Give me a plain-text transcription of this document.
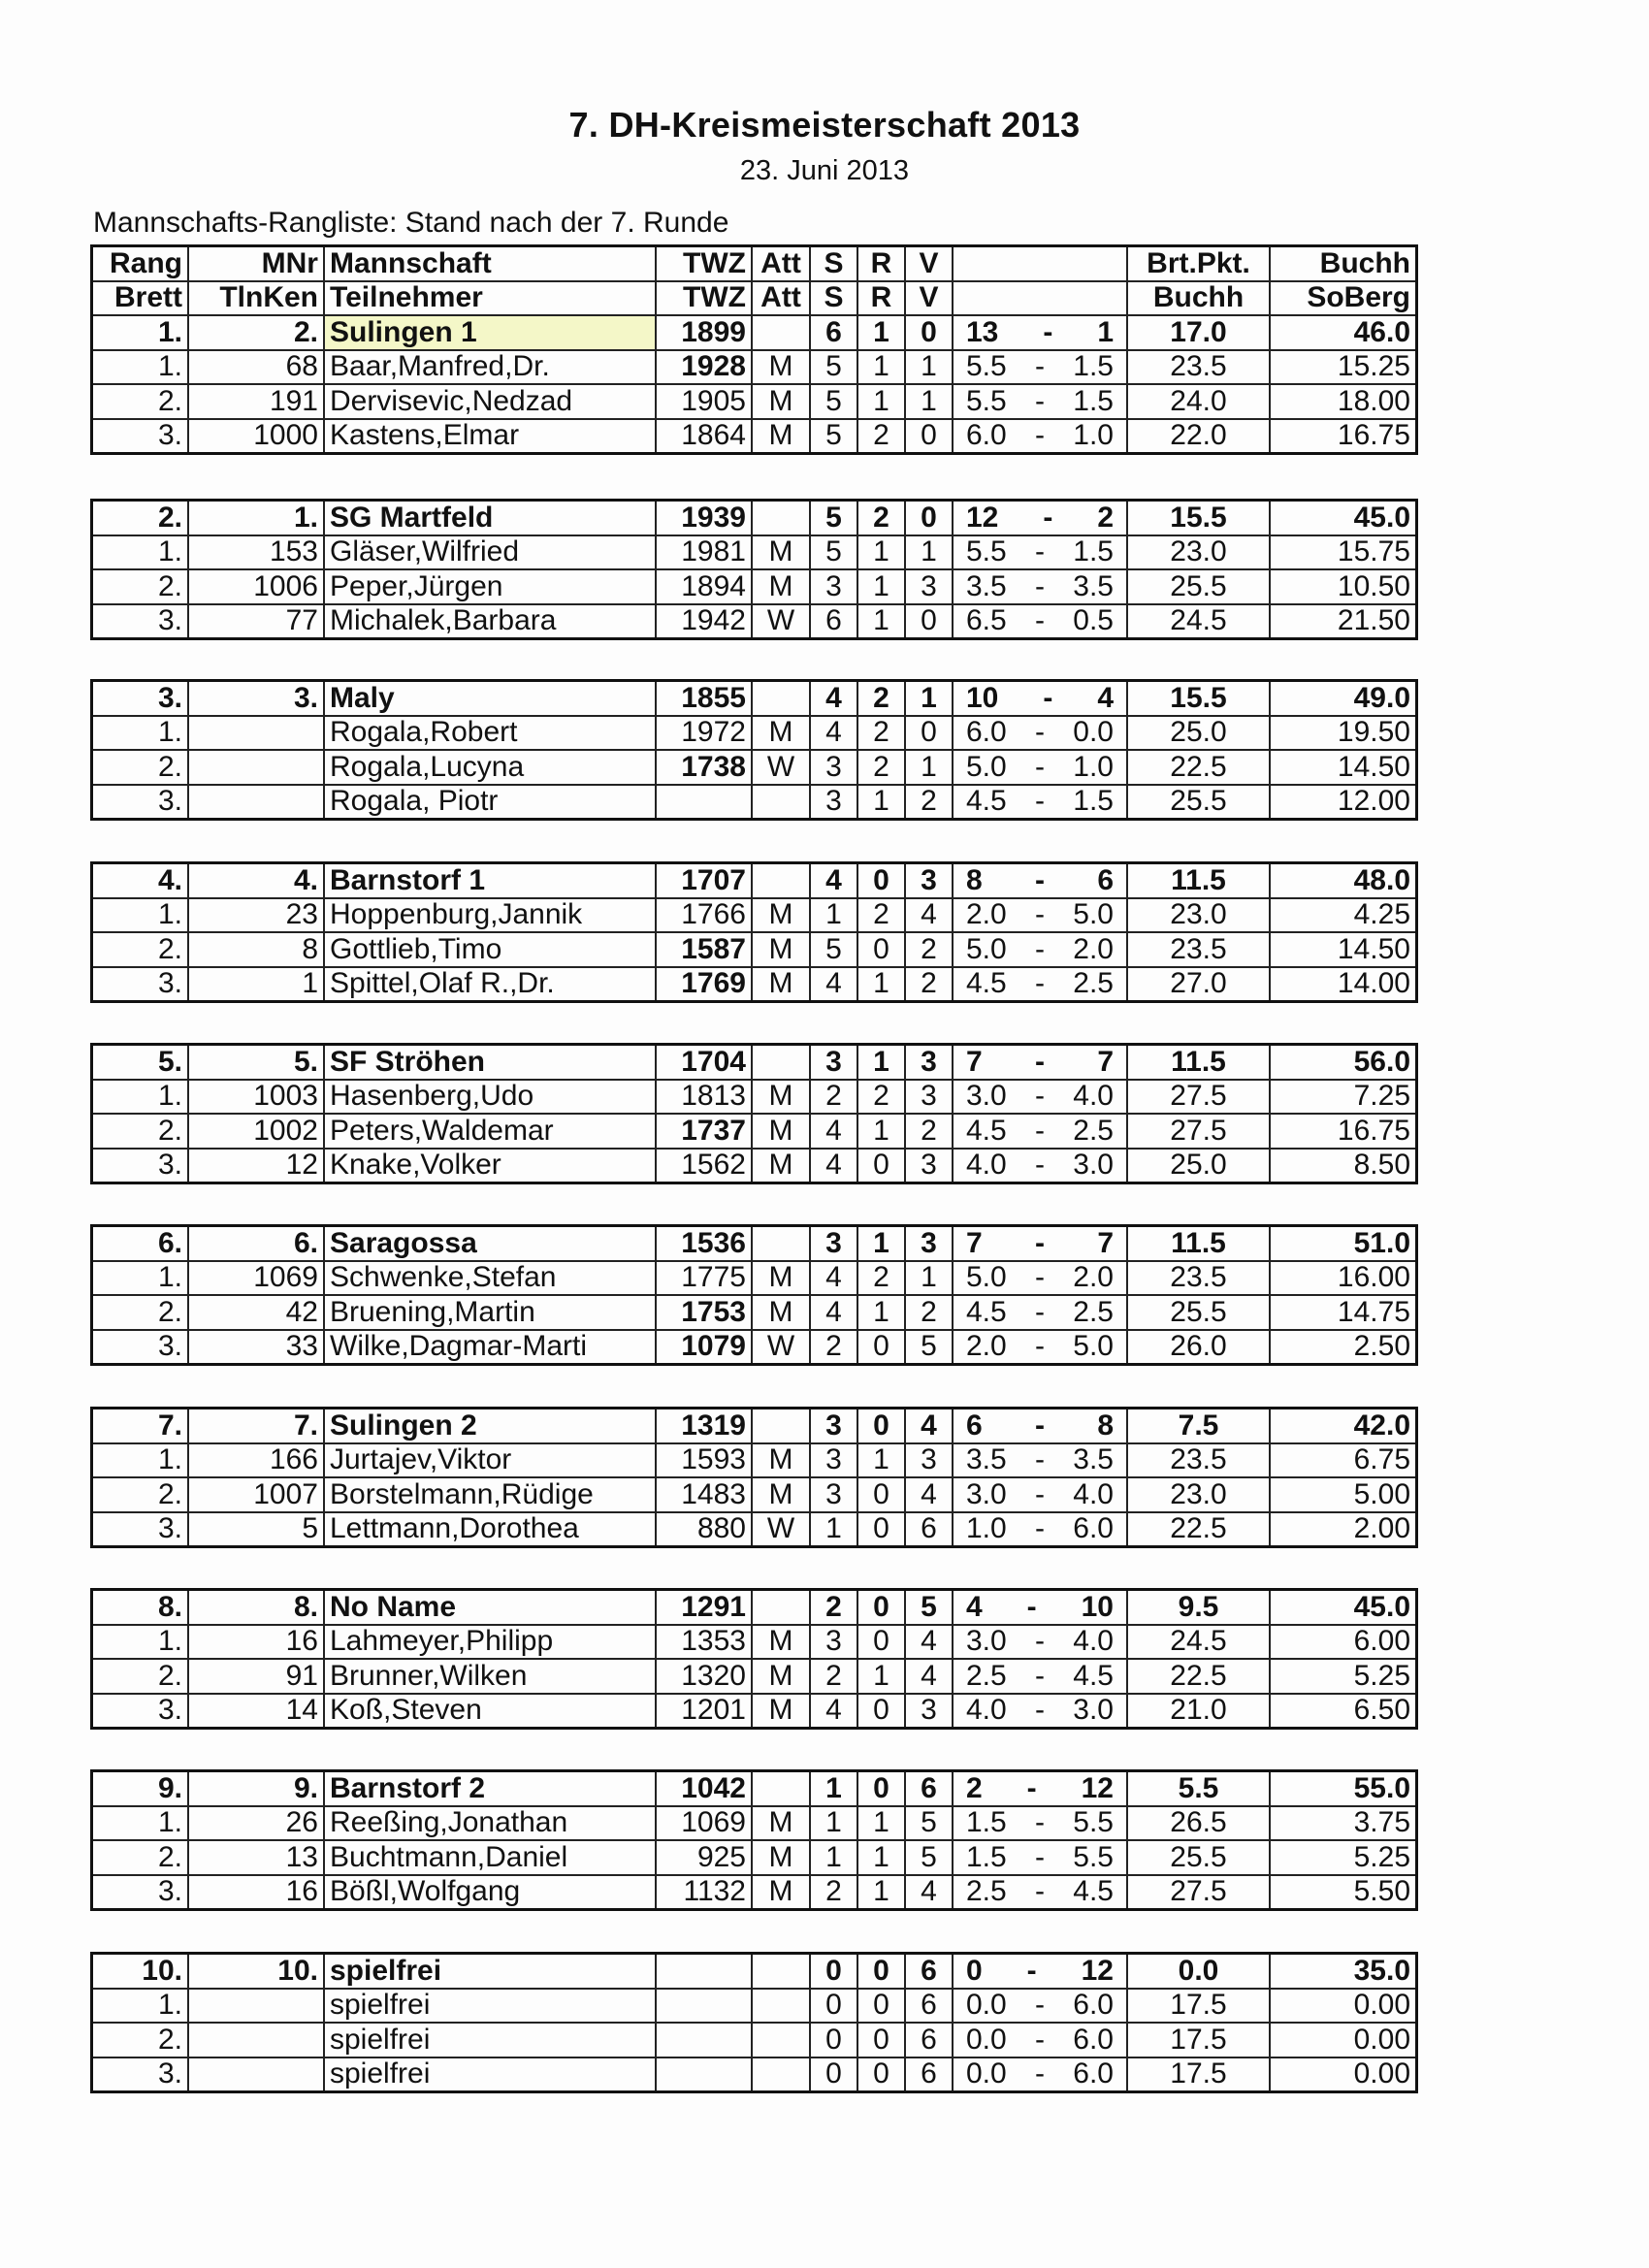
7. DH-Kreismeisterschaft 2013
23. Juni 2013
Mannschafts-Rangliste: Stand nach der 7. Runde
Rang	MNr	Mannschaft	TWZ	Att	S	R	V		Brt.Pkt.	Buchh
Brett	TlnKen	Teilnehmer	TWZ	Att	S	R	V		Buchh	SoBerg
1.	2.	Sulingen 1	1899		6	1	0	13 - 1	17.0	46.0
1.	68	Baar,Manfred,Dr.	1928	M	5	1	1	5.5 - 1.5	23.5	15.25
2.	191	Dervisevic,Nedzad	1905	M	5	1	1	5.5 - 1.5	24.0	18.00
3.	1000	Kastens,Elmar	1864	M	5	2	0	6.0 - 1.0	22.0	16.75
2.	1.	SG Martfeld	1939		5	2	0	12 - 2	15.5	45.0
1.	153	Gläser,Wilfried	1981	M	5	1	1	5.5 - 1.5	23.0	15.75
2.	1006	Peper,Jürgen	1894	M	3	1	3	3.5 - 3.5	25.5	10.50
3.	77	Michalek,Barbara	1942	W	6	1	0	6.5 - 0.5	24.5	21.50
3.	3.	Maly	1855		4	2	1	10 - 4	15.5	49.0
1.		Rogala,Robert	1972	M	4	2	0	6.0 - 0.0	25.0	19.50
2.		Rogala,Lucyna	1738	W	3	2	1	5.0 - 1.0	22.5	14.50
3.		Rogala, Piotr			3	1	2	4.5 - 1.5	25.5	12.00
4.	4.	Barnstorf 1	1707		4	0	3	8 - 6	11.5	48.0
1.	23	Hoppenburg,Jannik	1766	M	1	2	4	2.0 - 5.0	23.0	4.25
2.	8	Gottlieb,Timo	1587	M	5	0	2	5.0 - 2.0	23.5	14.50
3.	1	Spittel,Olaf R.,Dr.	1769	M	4	1	2	4.5 - 2.5	27.0	14.00
5.	5.	SF Ströhen	1704		3	1	3	7 - 7	11.5	56.0
1.	1003	Hasenberg,Udo	1813	M	2	2	3	3.0 - 4.0	27.5	7.25
2.	1002	Peters,Waldemar	1737	M	4	1	2	4.5 - 2.5	27.5	16.75
3.	12	Knake,Volker	1562	M	4	0	3	4.0 - 3.0	25.0	8.50
6.	6.	Saragossa	1536		3	1	3	7 - 7	11.5	51.0
1.	1069	Schwenke,Stefan	1775	M	4	2	1	5.0 - 2.0	23.5	16.00
2.	42	Bruening,Martin	1753	M	4	1	2	4.5 - 2.5	25.5	14.75
3.	33	Wilke,Dagmar-Marti	1079	W	2	0	5	2.0 - 5.0	26.0	2.50
7.	7.	Sulingen 2	1319		3	0	4	6 - 8	7.5	42.0
1.	166	Jurtajev,Viktor	1593	M	3	1	3	3.5 - 3.5	23.5	6.75
2.	1007	Borstelmann,Rüdige	1483	M	3	0	4	3.0 - 4.0	23.0	5.00
3.	5	Lettmann,Dorothea	880	W	1	0	6	1.0 - 6.0	22.5	2.00
8.	8.	No Name	1291		2	0	5	4 - 10	9.5	45.0
1.	16	Lahmeyer,Philipp	1353	M	3	0	4	3.0 - 4.0	24.5	6.00
2.	91	Brunner,Wilken	1320	M	2	1	4	2.5 - 4.5	22.5	5.25
3.	14	Koß,Steven	1201	M	4	0	3	4.0 - 3.0	21.0	6.50
9.	9.	Barnstorf 2	1042		1	0	6	2 - 12	5.5	55.0
1.	26	Reeßing,Jonathan	1069	M	1	1	5	1.5 - 5.5	26.5	3.75
2.	13	Buchtmann,Daniel	925	M	1	1	5	1.5 - 5.5	25.5	5.25
3.	16	Bößl,Wolfgang	1132	M	2	1	4	2.5 - 4.5	27.5	5.50
10.	10.	spielfrei			0	0	6	0 - 12	0.0	35.0
1.		spielfrei			0	0	6	0.0 - 6.0	17.5	0.00
2.		spielfrei			0	0	6	0.0 - 6.0	17.5	0.00
3.		spielfrei			0	0	6	0.0 - 6.0	17.5	0.00
